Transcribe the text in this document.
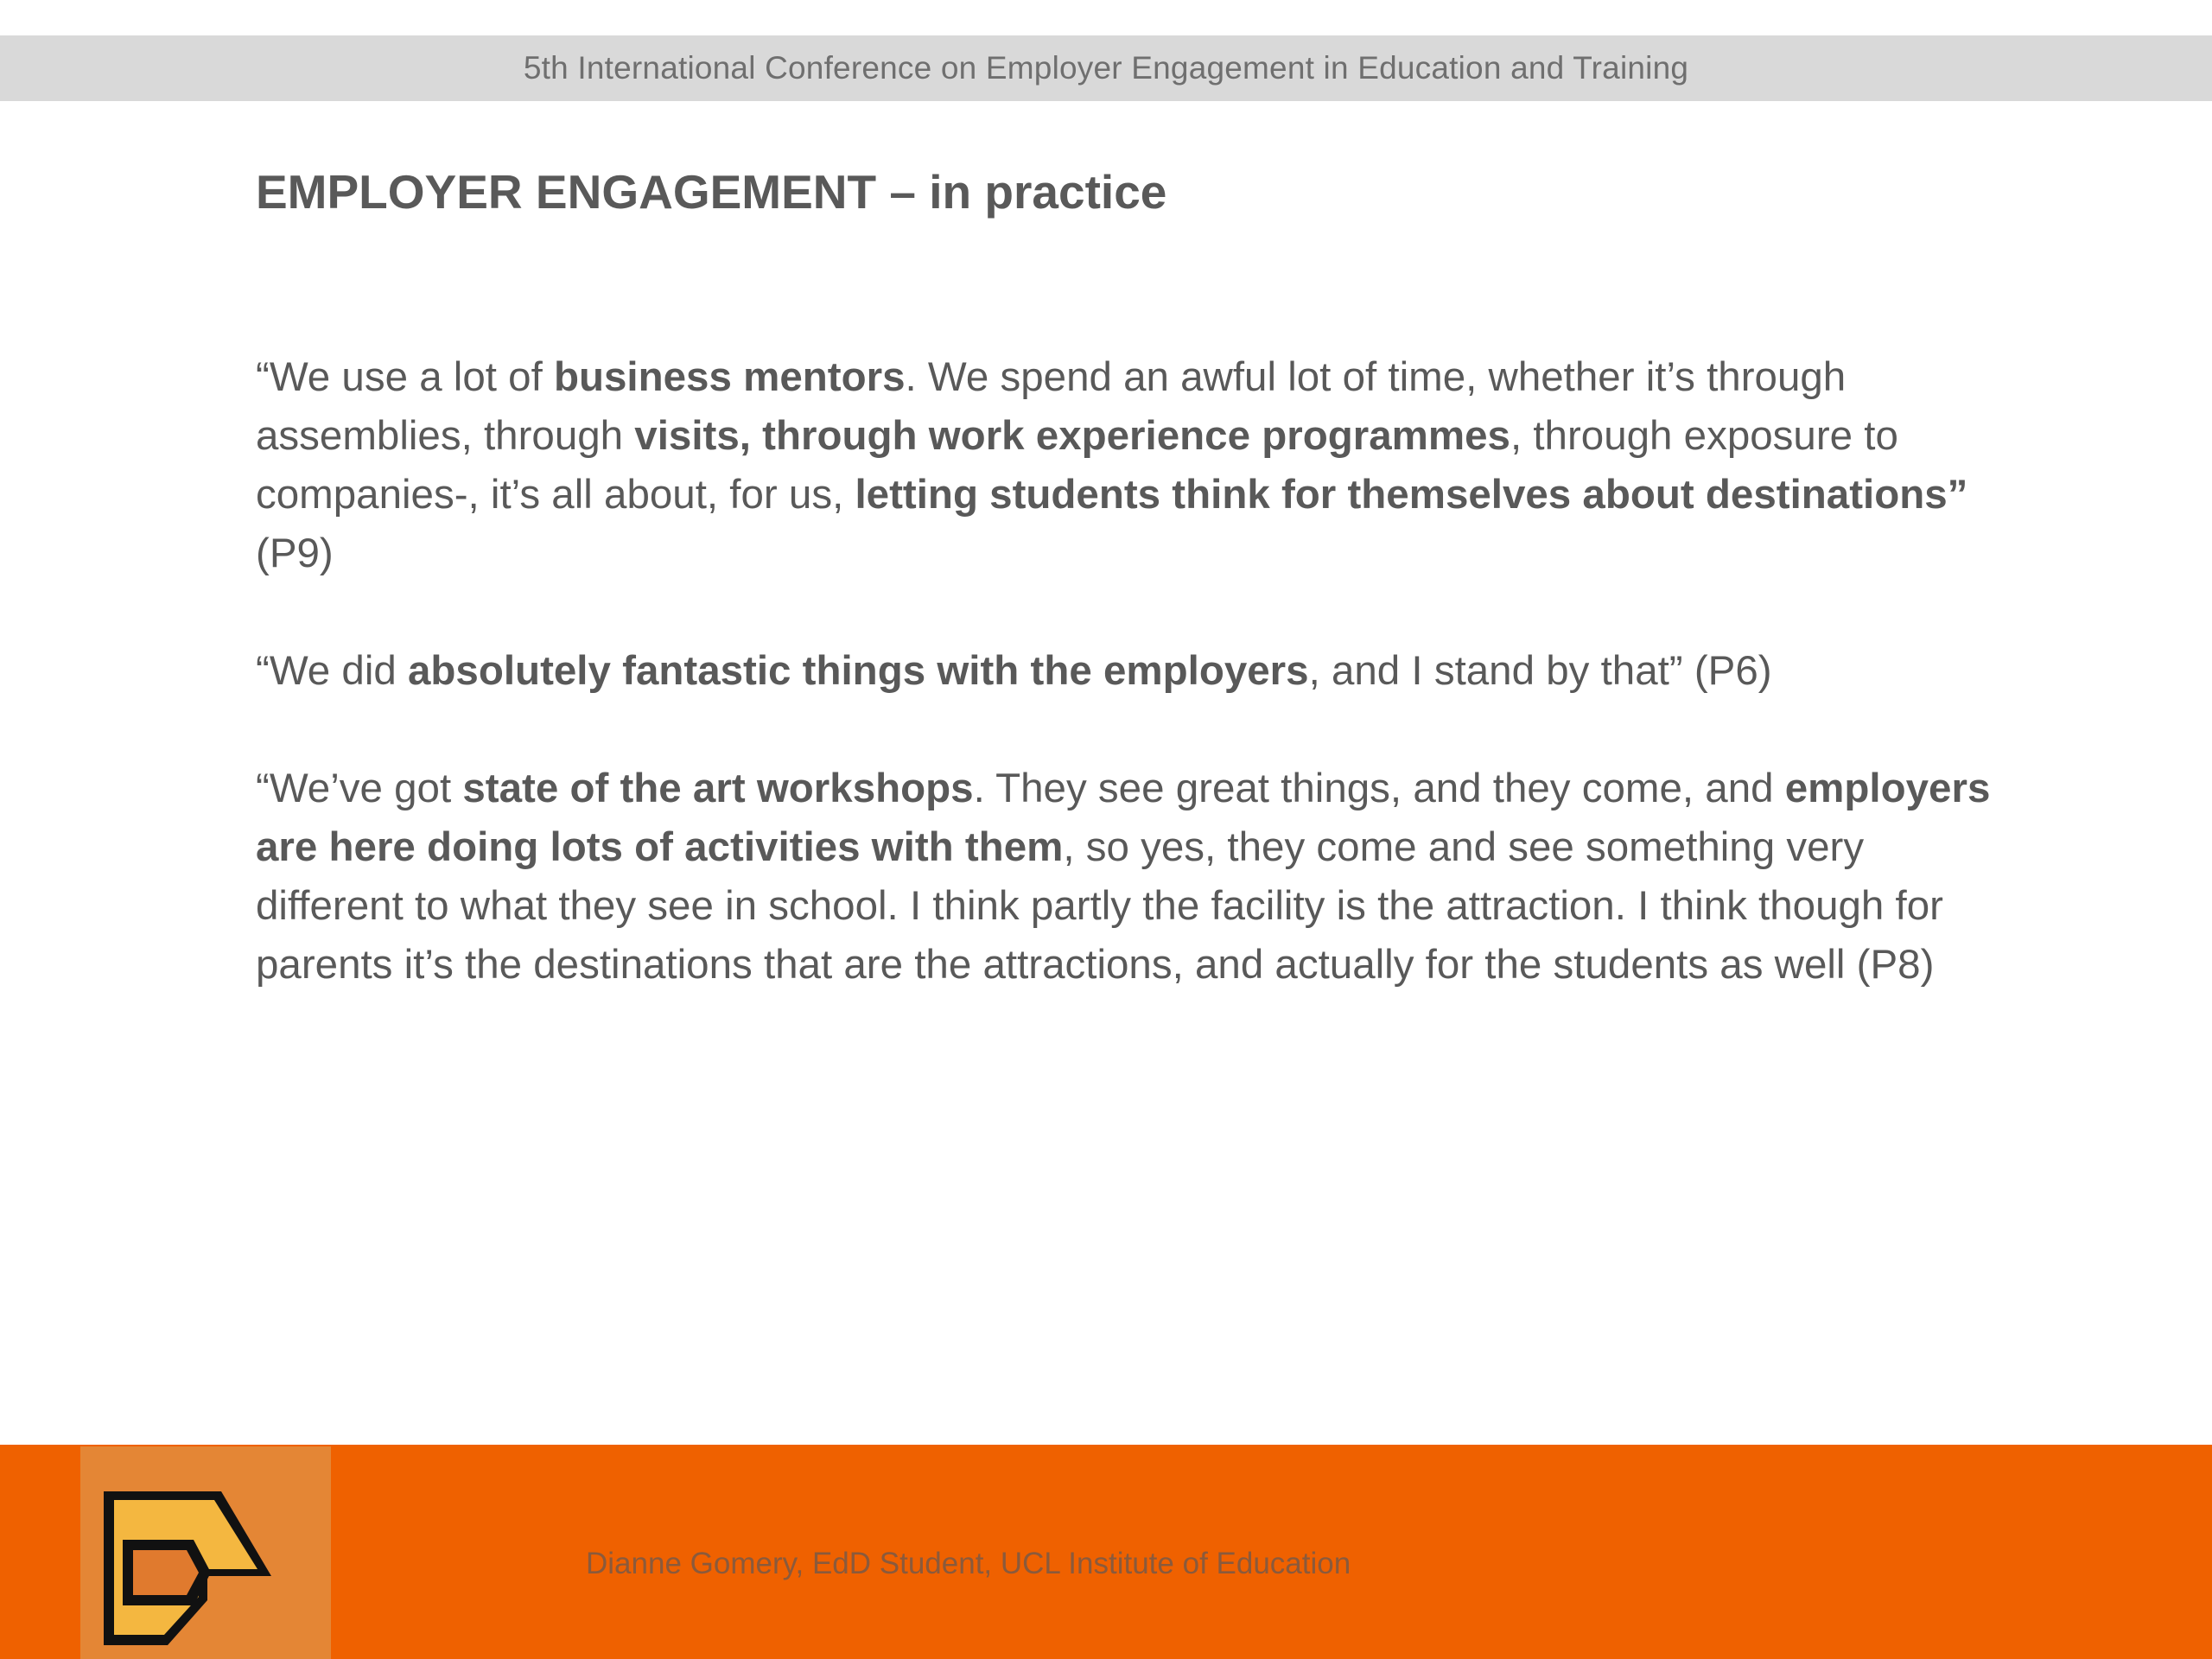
5th International Conference on Employer Engagement in Education and Training
EMPLOYER ENGAGEMENT – in practice

“We use a lot of business mentors. We spend an awful lot of time, whether it’s through assemblies, through visits, through work experience programmes, through exposure to companies-, it’s all about, for us, letting students think for themselves about destinations” (P9)

“We did absolutely fantastic things with the employers, and I stand by that” (P6)

“We’ve got state of the art workshops. They see great things, and they come, and employers are here doing lots of activities with them, so yes, they come and see something very different to what they see in school. I think partly the facility is the attraction. I think though for parents it’s the destinations that are the attractions, and actually for the students as well (P8)

Dianne Gomery, EdD Student, UCL Institute of Education
